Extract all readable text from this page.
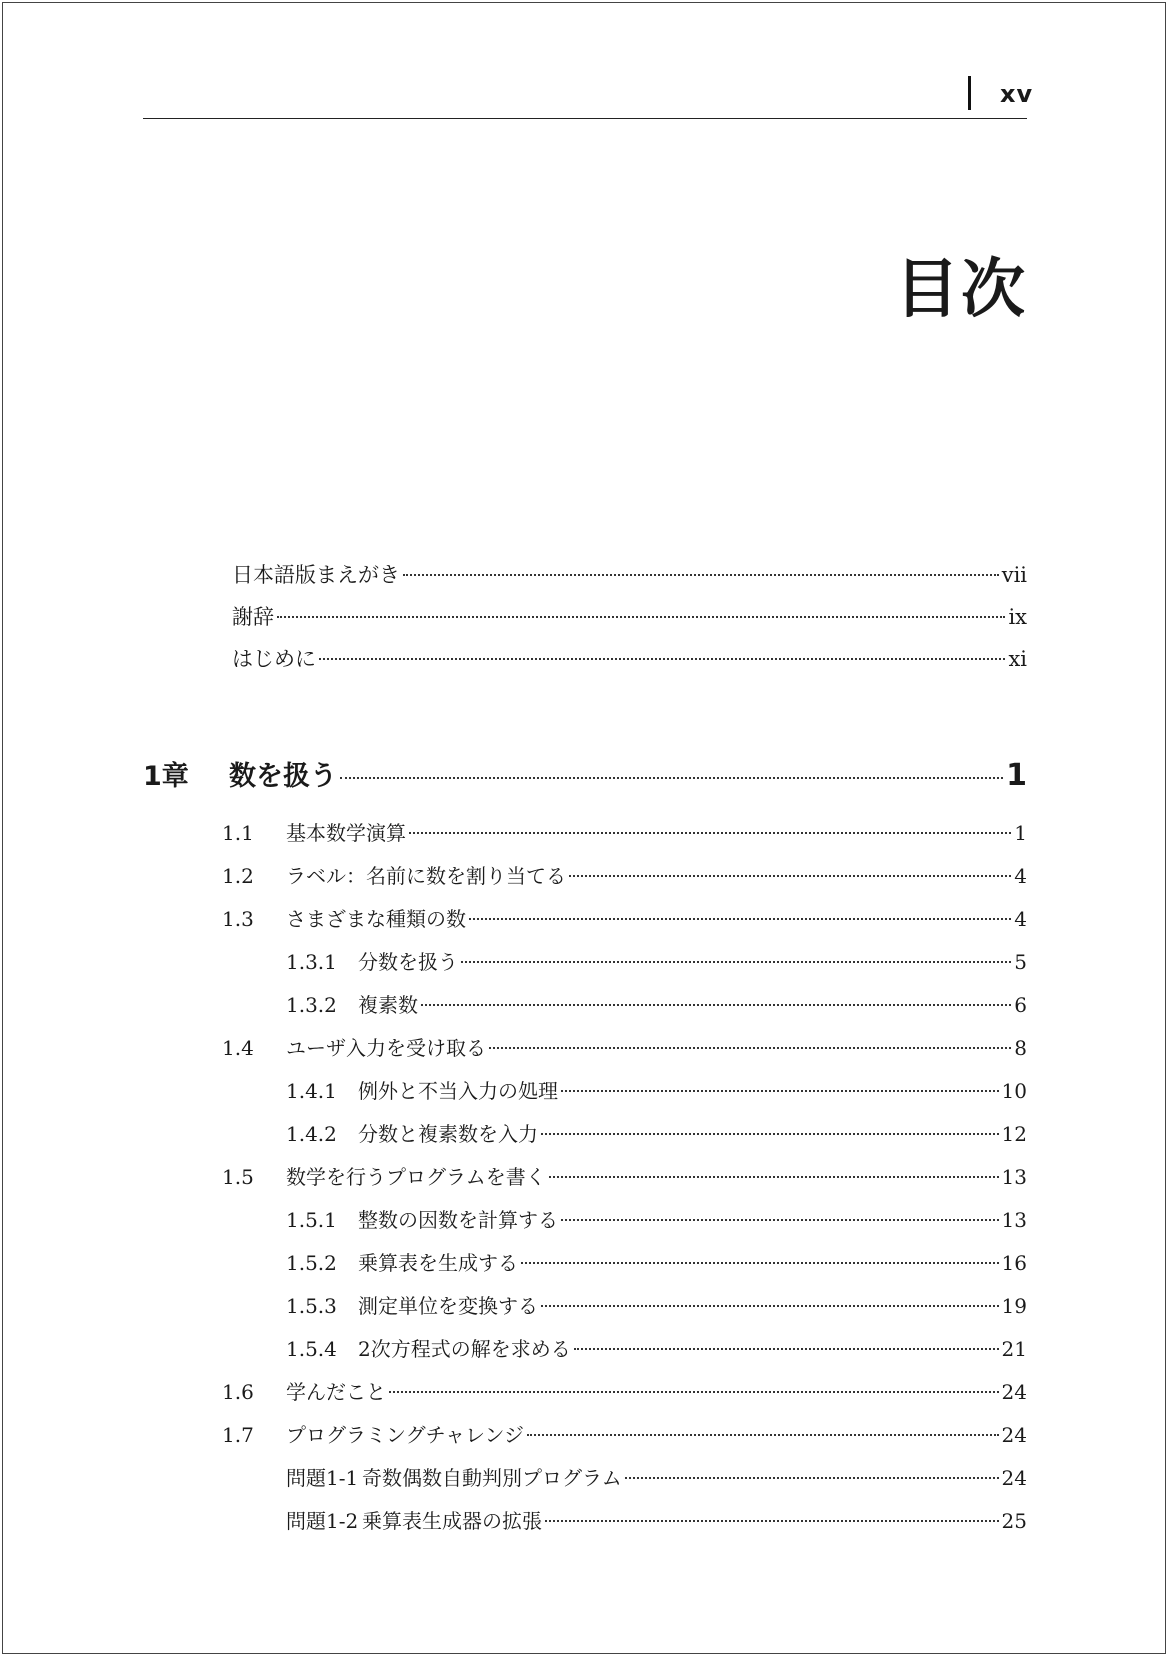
xv
目次
日本語版まえがき	vii
謝辞	ix
はじめに	xi
1章	数を扱う	1
1.1	基本数学演算	1
1.2	ラベル：名前に数を割り当てる	4
1.3	さまざまな種類の数	4
1.3.1	分数を扱う	5
1.3.2	複素数	6
1.4	ユーザ入力を受け取る	8
1.4.1	例外と不当入力の処理	10
1.4.2	分数と複素数を入力	12
1.5	数学を行うプログラムを書く	13
1.5.1	整数の因数を計算する	13
1.5.2	乗算表を生成する	16
1.5.3	測定単位を変換する	19
1.5.4	2次方程式の解を求める	21
1.6	学んだこと	24
1.7	プログラミングチャレンジ	24
問題1-1 奇数偶数自動判別プログラム	24
問題1-2 乗算表生成器の拡張	25
